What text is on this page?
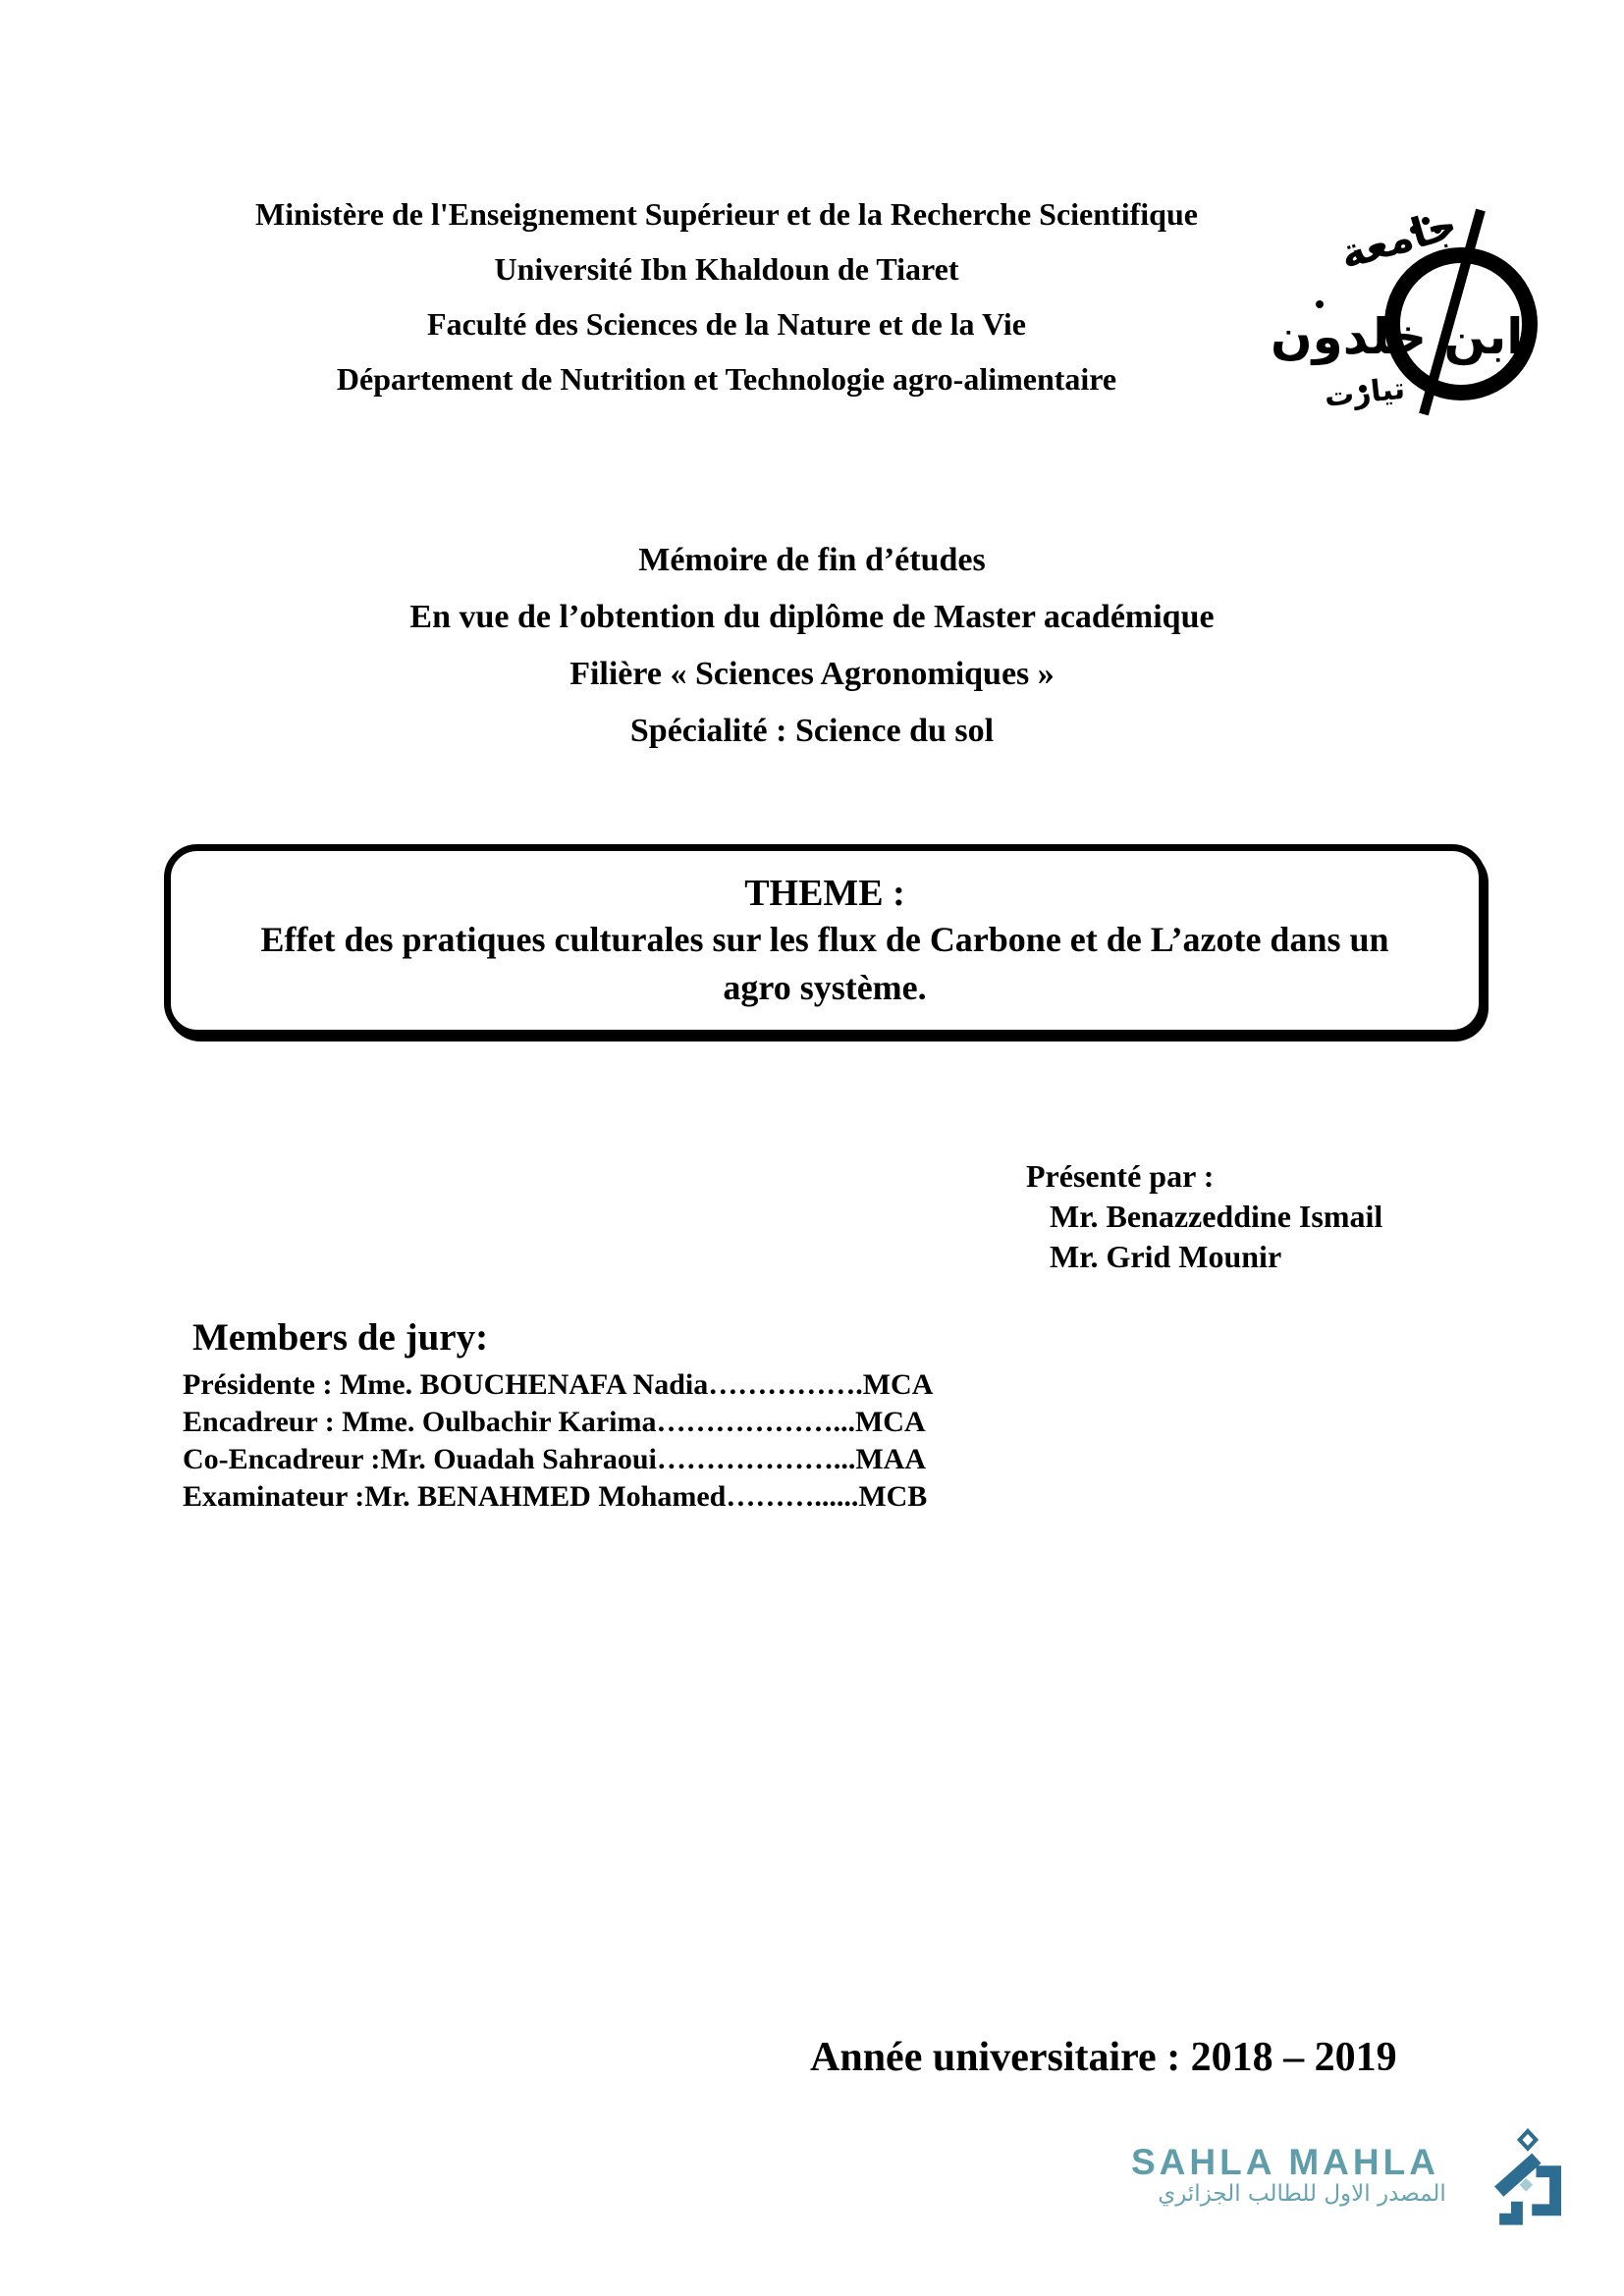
Ministère de l'Enseignement Supérieur et de la Recherche Scientifique
Université Ibn Khaldoun de Tiaret
Faculté des Sciences de la Nature et de la Vie
Département de Nutrition et Technologie agro-alimentaire
جامعة
ابن خلدون
تيارت
Mémoire de fin d’études
En vue de l’obtention du diplôme de Master académique
Filière « Sciences Agronomiques »
Spécialité : Science du sol
THEME :
Effet des pratiques culturales sur les flux de Carbone et de L’azote dans un
agro système.
Présenté par :
Mr. Benazzeddine Ismail
Mr. Grid Mounir
Members de jury:
Présidente : Mme. BOUCHENAFA Nadia…………….MCA
Encadreur : Mme. Oulbachir Karima………………...MCA
Co-Encadreur :Mr. Ouadah Sahraoui………………...MAA
Examinateur :Mr. BENAHMED Mohamed………......MCB
Année universitaire : 2018 – 2019
SAHLA MAHLA
المصدر الاول للطالب الجزائري
